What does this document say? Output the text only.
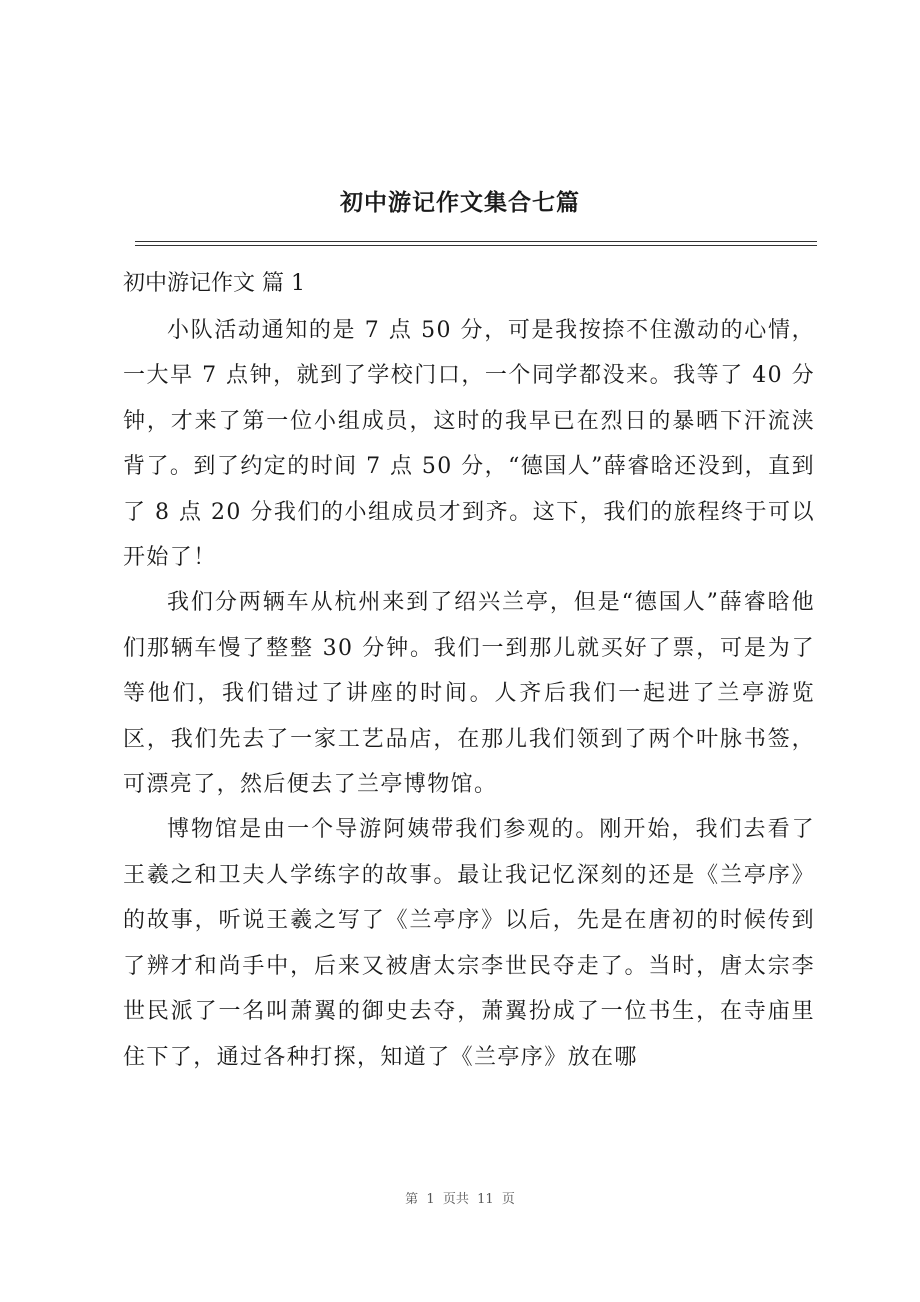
初中游记作文集合七篇
初中游记作文 篇 1

小队活动通知的是 7 点 50 分，可是我按捺不住激动的心情，一大早 7 点钟，就到了学校门口，一个同学都没来。我等了 40 分钟，才来了第一位小组成员，这时的我早已在烈日的暴晒下汗流浃背了。到了约定的时间 7 点 50 分，“德国人”薛睿晗还没到，直到了 8 点 20 分我们的小组成员才到齐。这下，我们的旅程终于可以开始了！

我们分两辆车从杭州来到了绍兴兰亭，但是“德国人”薛睿晗他们那辆车慢了整整 30 分钟。我们一到那儿就买好了票，可是为了等他们，我们错过了讲座的时间。人齐后我们一起进了兰亭游览区，我们先去了一家工艺品店，在那儿我们领到了两个叶脉书签，可漂亮了，然后便去了兰亭博物馆。

博物馆是由一个导游阿姨带我们参观的。刚开始，我们去看了王羲之和卫夫人学练字的故事。最让我记忆深刻的还是《兰亭序》的故事，听说王羲之写了《兰亭序》以后，先是在唐初的时候传到了辨才和尚手中，后来又被唐太宗李世民夺走了。当时，唐太宗李世民派了一名叫萧翼的御史去夺，萧翼扮成了一位书生，在寺庙里住下了，通过各种打探，知道了《兰亭序》放在哪

第  1  页共  11  页
